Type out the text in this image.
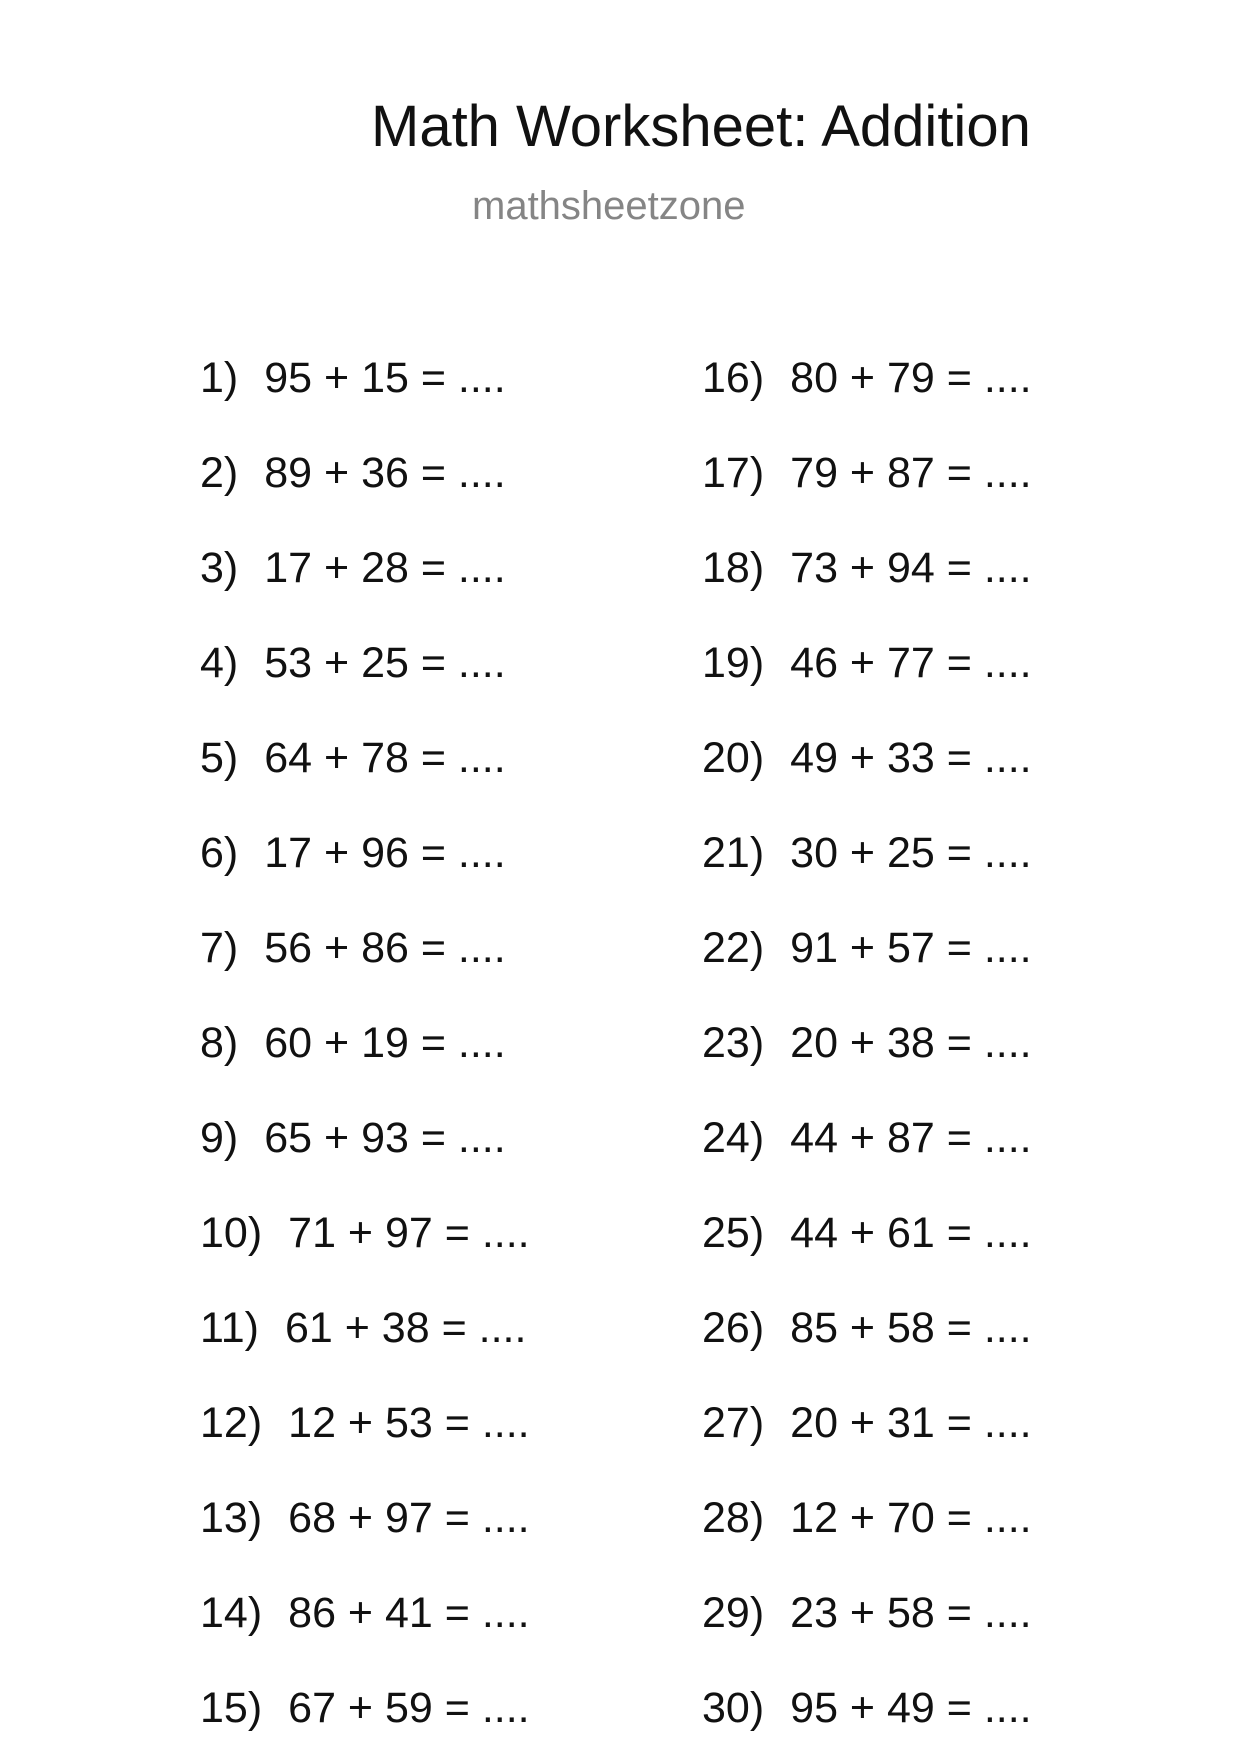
Math Worksheet: Addition
mathsheetzone
1) 95 + 15 = ....
2) 89 + 36 = ....
3) 17 + 28 = ....
4) 53 + 25 = ....
5) 64 + 78 = ....
6) 17 + 96 = ....
7) 56 + 86 = ....
8) 60 + 19 = ....
9) 65 + 93 = ....
10) 71 + 97 = ....
11) 61 + 38 = ....
12) 12 + 53 = ....
13) 68 + 97 = ....
14) 86 + 41 = ....
15) 67 + 59 = ....
16) 80 + 79 = ....
17) 79 + 87 = ....
18) 73 + 94 = ....
19) 46 + 77 = ....
20) 49 + 33 = ....
21) 30 + 25 = ....
22) 91 + 57 = ....
23) 20 + 38 = ....
24) 44 + 87 = ....
25) 44 + 61 = ....
26) 85 + 58 = ....
27) 20 + 31 = ....
28) 12 + 70 = ....
29) 23 + 58 = ....
30) 95 + 49 = ....
